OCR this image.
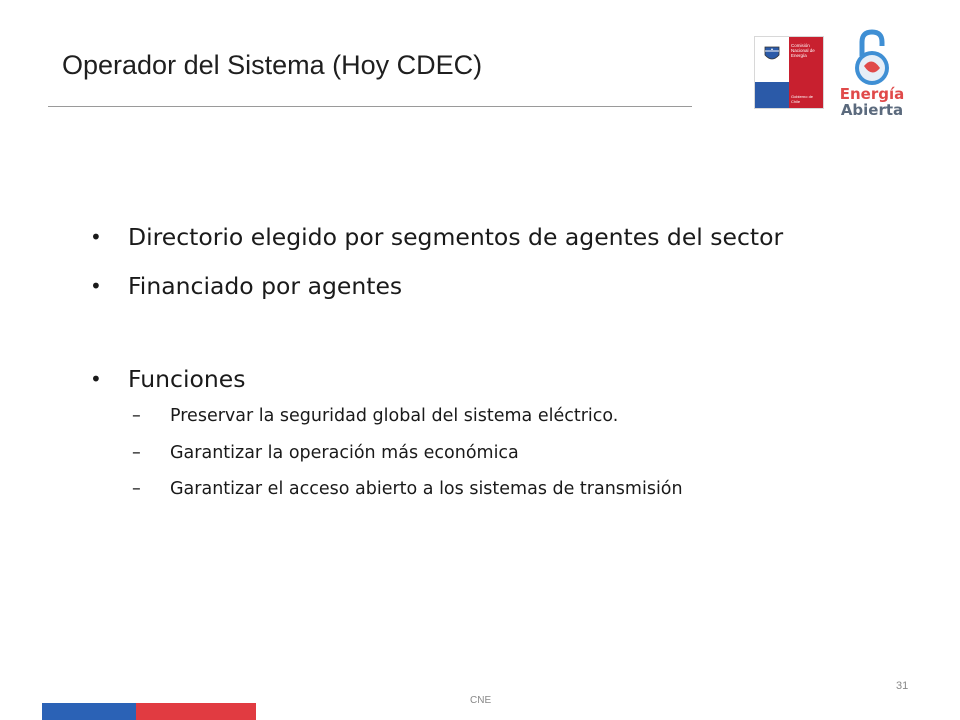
Operador del Sistema (Hoy CDEC)
Comisión
Nacional de
Energía
Gobierno de Chile	Energía
Abierta
• Directorio elegido por segmentos de agentes del sector
• Financiado por agentes
• Funciones
– Preservar la seguridad global del sistema eléctrico.
– Garantizar la operación más económica
– Garantizar el acceso abierto a los sistemas de transmisión
31
CNE
